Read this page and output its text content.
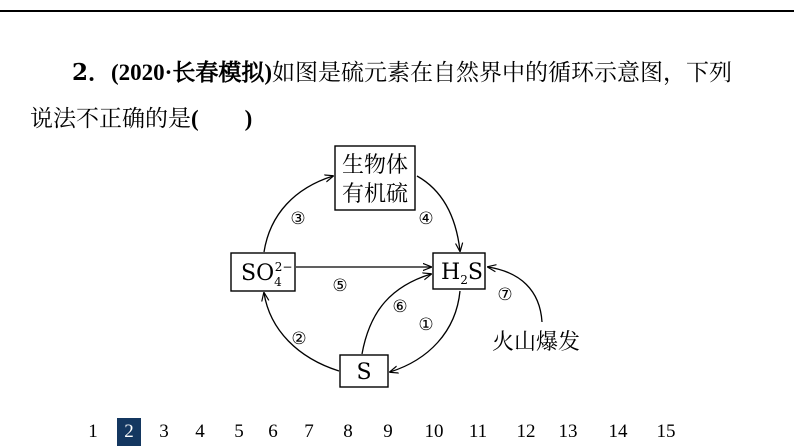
2．(2020·长春模拟)如图是硫元素在自然界中的循环示意图，下列
说法不正确的是(　　)
生物体
有机硫
$SO_42-$	$H_2S$
S
③	④
⑤
②
⑥
①
⑦
火山爆发
1	2	3	4	5	6	7	8	9	10	11	12 13 14 15
